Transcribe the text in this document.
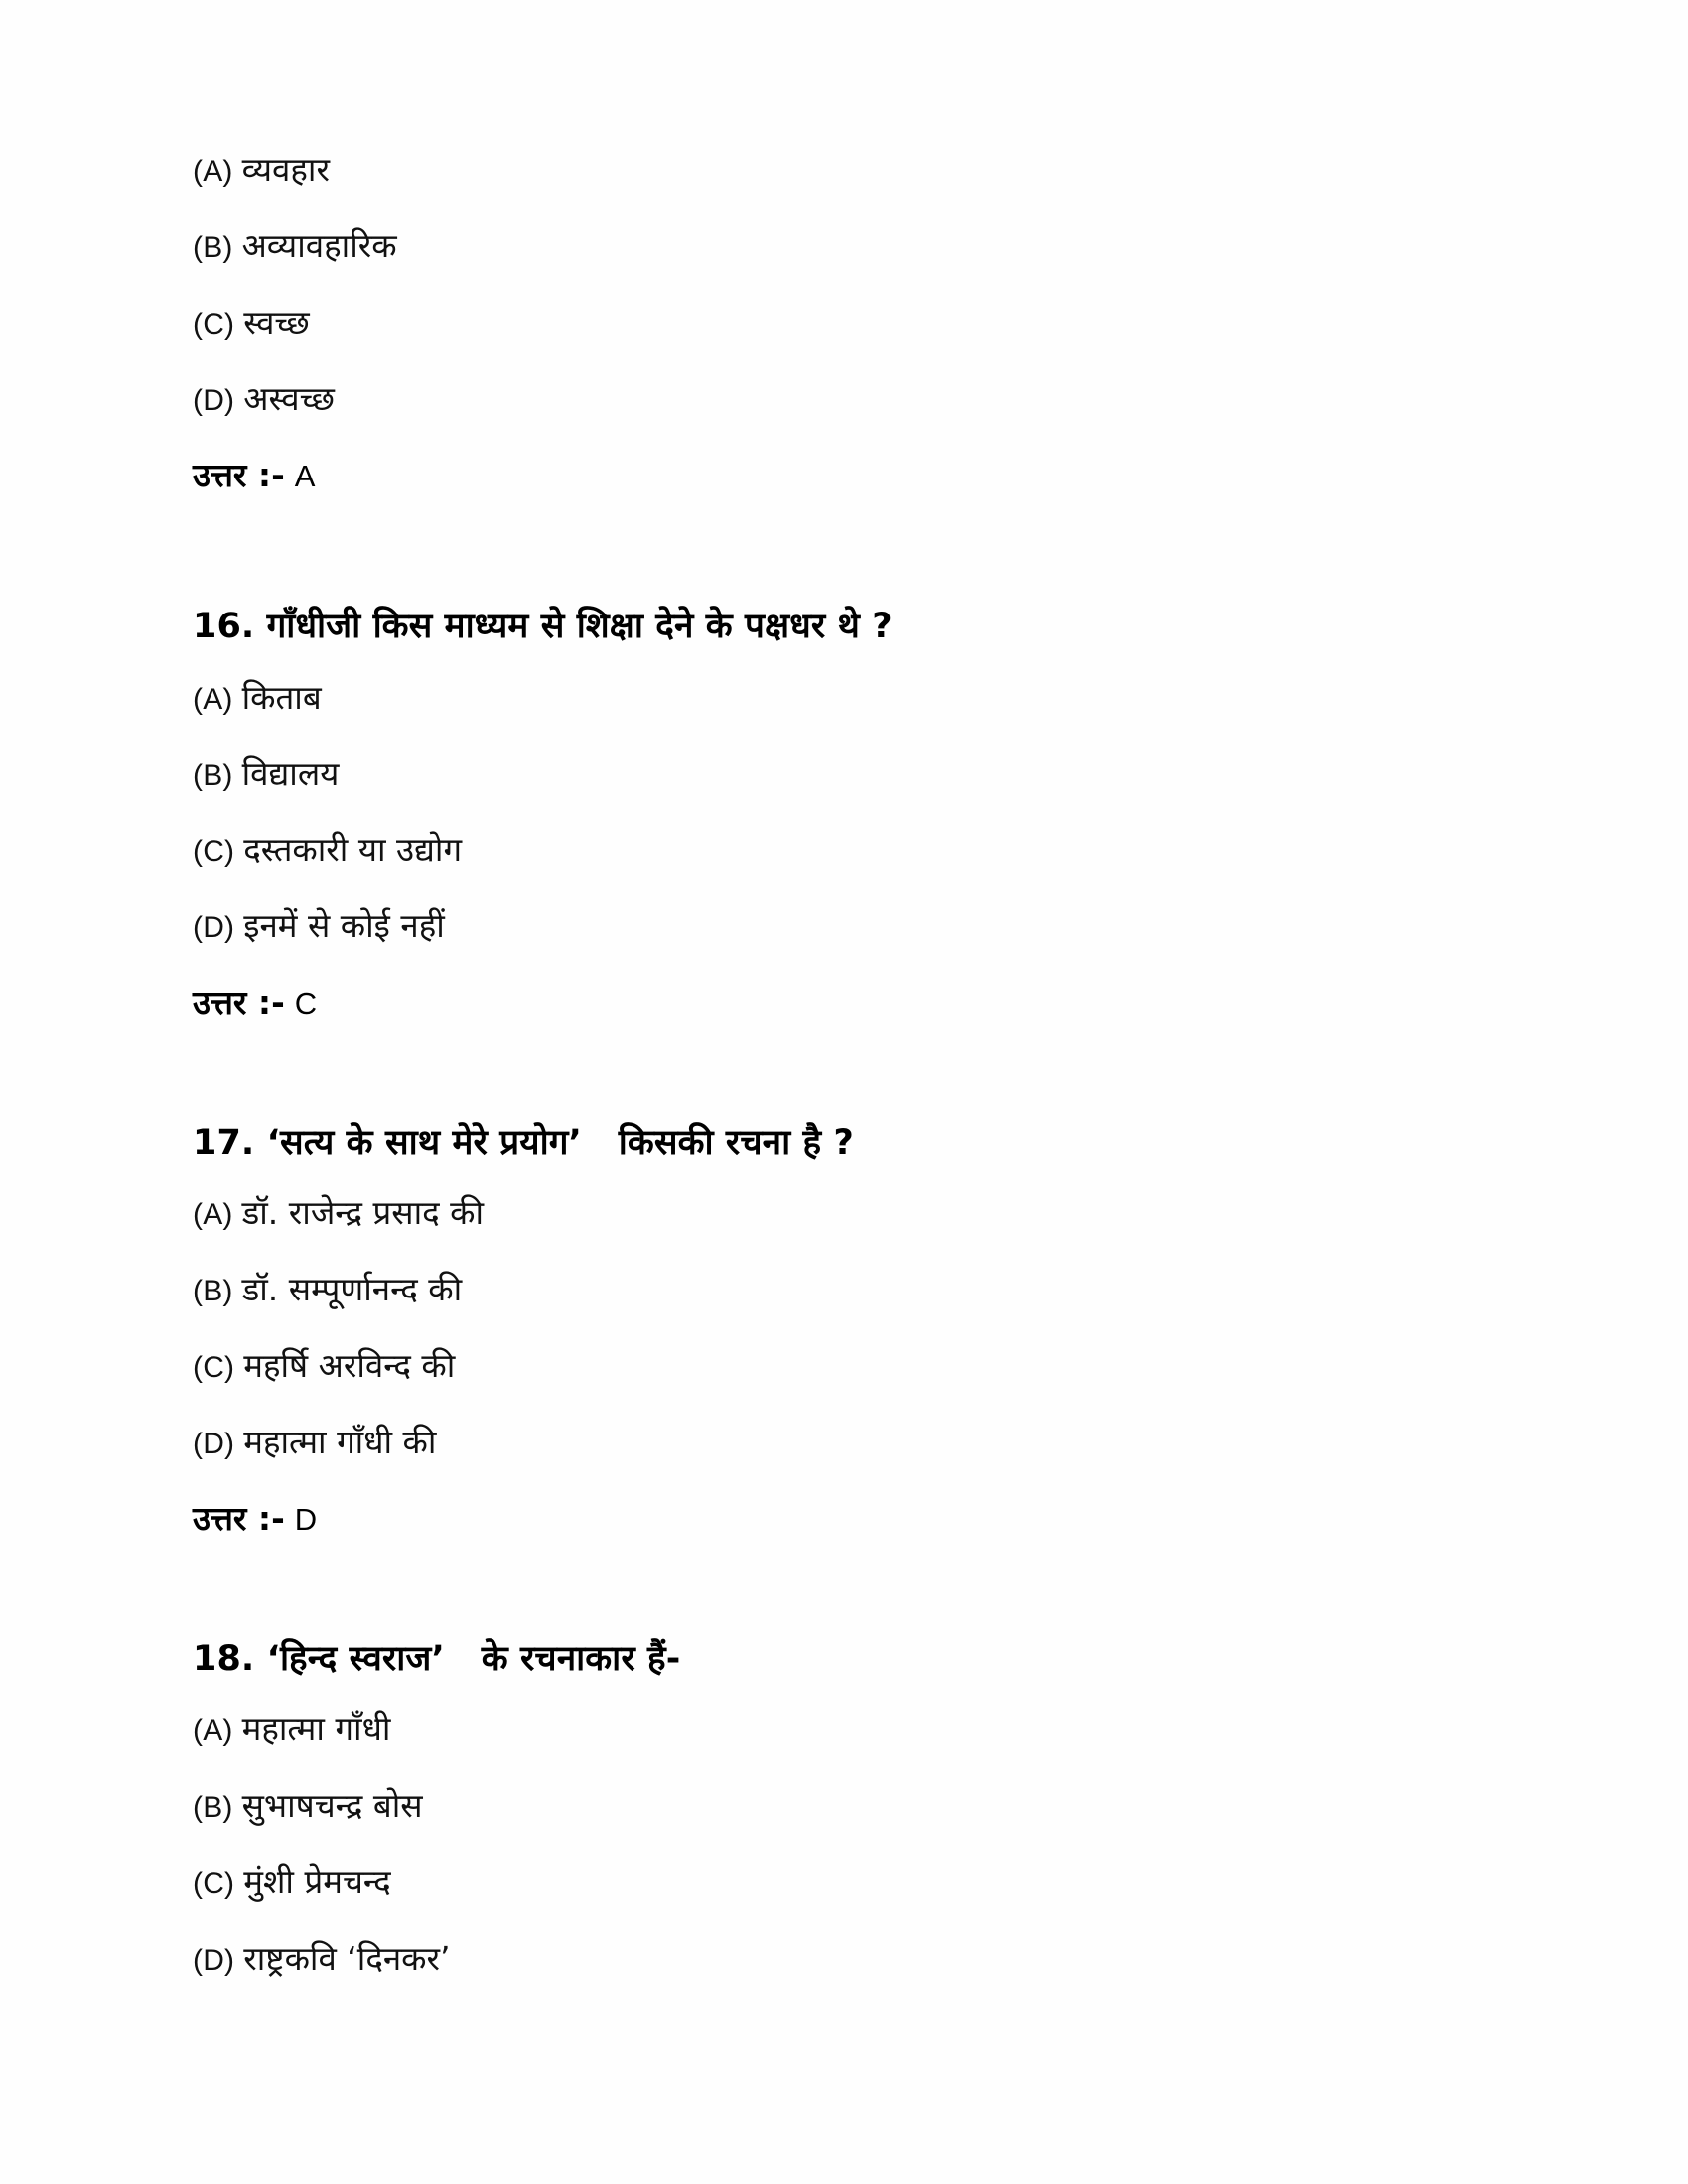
(A) व्यवहार

(B) अव्यावहारिक

(C) स्वच्छ

(D) अस्वच्छ

उत्तर :- A

16. गाँधीजी किस माध्यम से शिक्षा देने के पक्षधर थे ?

(A) किताब

(B) विद्यालय

(C) दस्तकारी या उद्योग

(D) इनमें से कोई नहीं

उत्तर :- C

17. ‘सत्य के साथ मेरे प्रयोग’   किसकी रचना है ?

(A) डॉ. राजेन्द्र प्रसाद की

(B) डॉ. सम्पूर्णानन्द की

(C) महर्षि अरविन्द की

(D) महात्मा गाँधी की

उत्तर :- D

18. ‘हिन्द स्वराज’   के रचनाकार हैं-

(A) महात्मा गाँधी

(B) सुभाषचन्द्र बोस

(C) मुंशी प्रेमचन्द

(D) राष्ट्रकवि ‘दिनकर’
